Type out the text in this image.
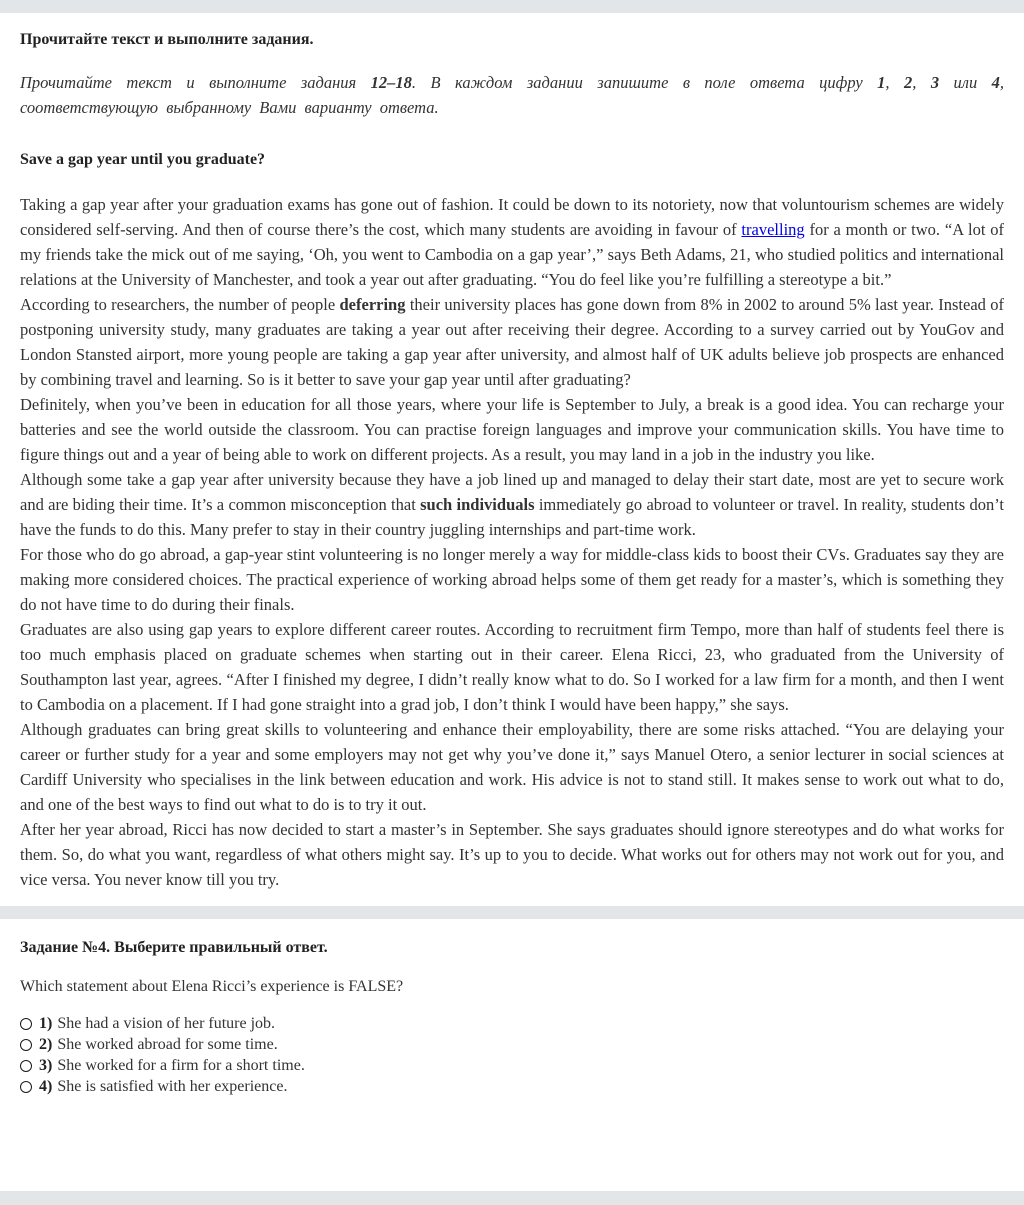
Прочитайте текст и выполните задания.
Прочитайте текст и выполните задания 12–18. В каждом задании запишите в поле ответа цифру 1, 2, 3 или 4, соответствующую выбранному Вами варианту ответа.
Save a gap year until you graduate?

Taking a gap year after your graduation exams has gone out of fashion. It could be down to its notoriety, now that voluntourism schemes are widely considered self-serving. And then of course there’s the cost, which many students are avoiding in favour of travelling for a month or two. “A lot of my friends take the mick out of me saying, ‘Oh, you went to Cambodia on a gap year’,” says Beth Adams, 21, who studied politics and international relations at the University of Manchester, and took a year out after graduating. “You do feel like you’re fulfilling a stereotype a bit.”

According to researchers, the number of people deferring their university places has gone down from 8% in 2002 to around 5% last year. Instead of postponing university study, many graduates are taking a year out after receiving their degree. According to a survey carried out by YouGov and London Stansted airport, more young people are taking a gap year after university, and almost half of UK adults believe job prospects are enhanced by combining travel and learning. So is it better to save your gap year until after graduating?

Definitely, when you’ve been in education for all those years, where your life is September to July, a break is a good idea. You can recharge your batteries and see the world outside the classroom. You can practise foreign languages and improve your communication skills. You have time to figure things out and a year of being able to work on different projects. As a result, you may land in a job in the industry you like.

Although some take a gap year after university because they have a job lined up and managed to delay their start date, most are yet to secure work and are biding their time. It’s a common misconception that such individuals immediately go abroad to volunteer or travel. In reality, students don’t have the funds to do this. Many prefer to stay in their country juggling internships and part-time work.

For those who do go abroad, a gap-year stint volunteering is no longer merely a way for middle-class kids to boost their CVs. Graduates say they are making more considered choices. The practical experience of working abroad helps some of them get ready for a master’s, which is something they do not have time to do during their finals.

Graduates are also using gap years to explore different career routes. According to recruitment firm Tempo, more than half of students feel there is too much emphasis placed on graduate schemes when starting out in their career. Elena Ricci, 23, who graduated from the University of Southampton last year, agrees. “After I finished my degree, I didn’t really know what to do. So I worked for a law firm for a month, and then I went to Cambodia on a placement. If I had gone straight into a grad job, I don’t think I would have been happy,” she says.

Although graduates can bring great skills to volunteering and enhance their employability, there are some risks attached. “You are delaying your career or further study for a year and some employers may not get why you’ve done it,” says Manuel Otero, a senior lecturer in social sciences at Cardiff University who specialises in the link between education and work. His advice is not to stand still. It makes sense to work out what to do, and one of the best ways to find out what to do is to try it out.

After her year abroad, Ricci has now decided to start a master’s in September. She says graduates should ignore stereotypes and do what works for them. So, do what you want, regardless of what others might say. It’s up to you to decide. What works out for others may not work out for you, and vice versa. You never know till you try.

Задание №4. Выберите правильный ответ.
Which statement about Elena Ricci’s experience is FALSE?
1) She had a vision of her future job.
2) She worked abroad for some time.
3) She worked for a firm for a short time.
4) She is satisfied with her experience.
